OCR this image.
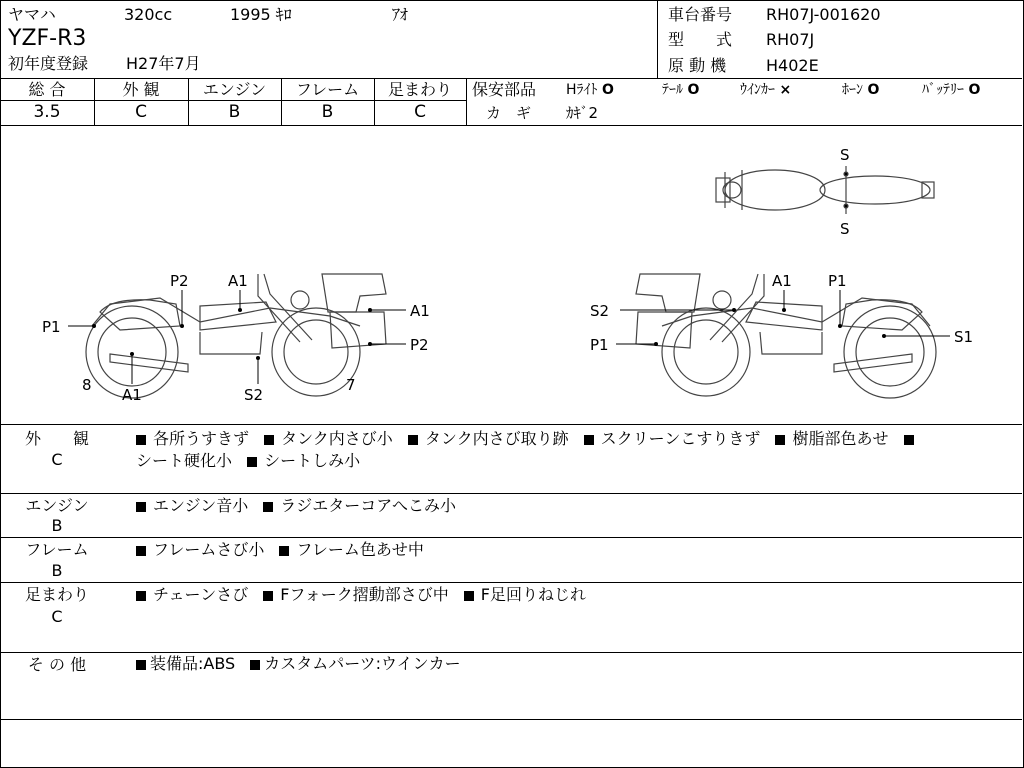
ヤマハ	320cc	1995 ｷﾛ	ｱｵ
YZF-R3
初年度登録 H27年7月
車台番号 RH07J-001620
型　　式 RH07J
原 動 機 H402E
総 合	外 観	エンジン	フレーム	足まわり
3.5	C	B	B	C
保安部品 Hﾗｲﾄ O	ﾃｰﾙ O	ｳｲﾝｶｰ ×	ﾎｰﾝ O	ﾊﾞｯﾃﾘｰ O
カ　ギ ｶｷﾞ2
S
S
P1
P2	A1
A1
P2
8
A1	S2
7
A1 P1
S2
P1	S1
外　　観
C
各所うすきず タンク内さび小 タンク内さび取り跡 スクリーンこすりきず 樹脂部色あせ
シート硬化小 シートしみ小
エンジン
B
エンジン音小 ラジエターコアへこみ小
フレーム
B
フレームさび小 フレーム色あせ中
足まわり
C
チェーンさび Fフォーク摺動部さび中 F足回りねじれ
そ の 他	装備品:ABS カスタムパーツ:ウインカー
